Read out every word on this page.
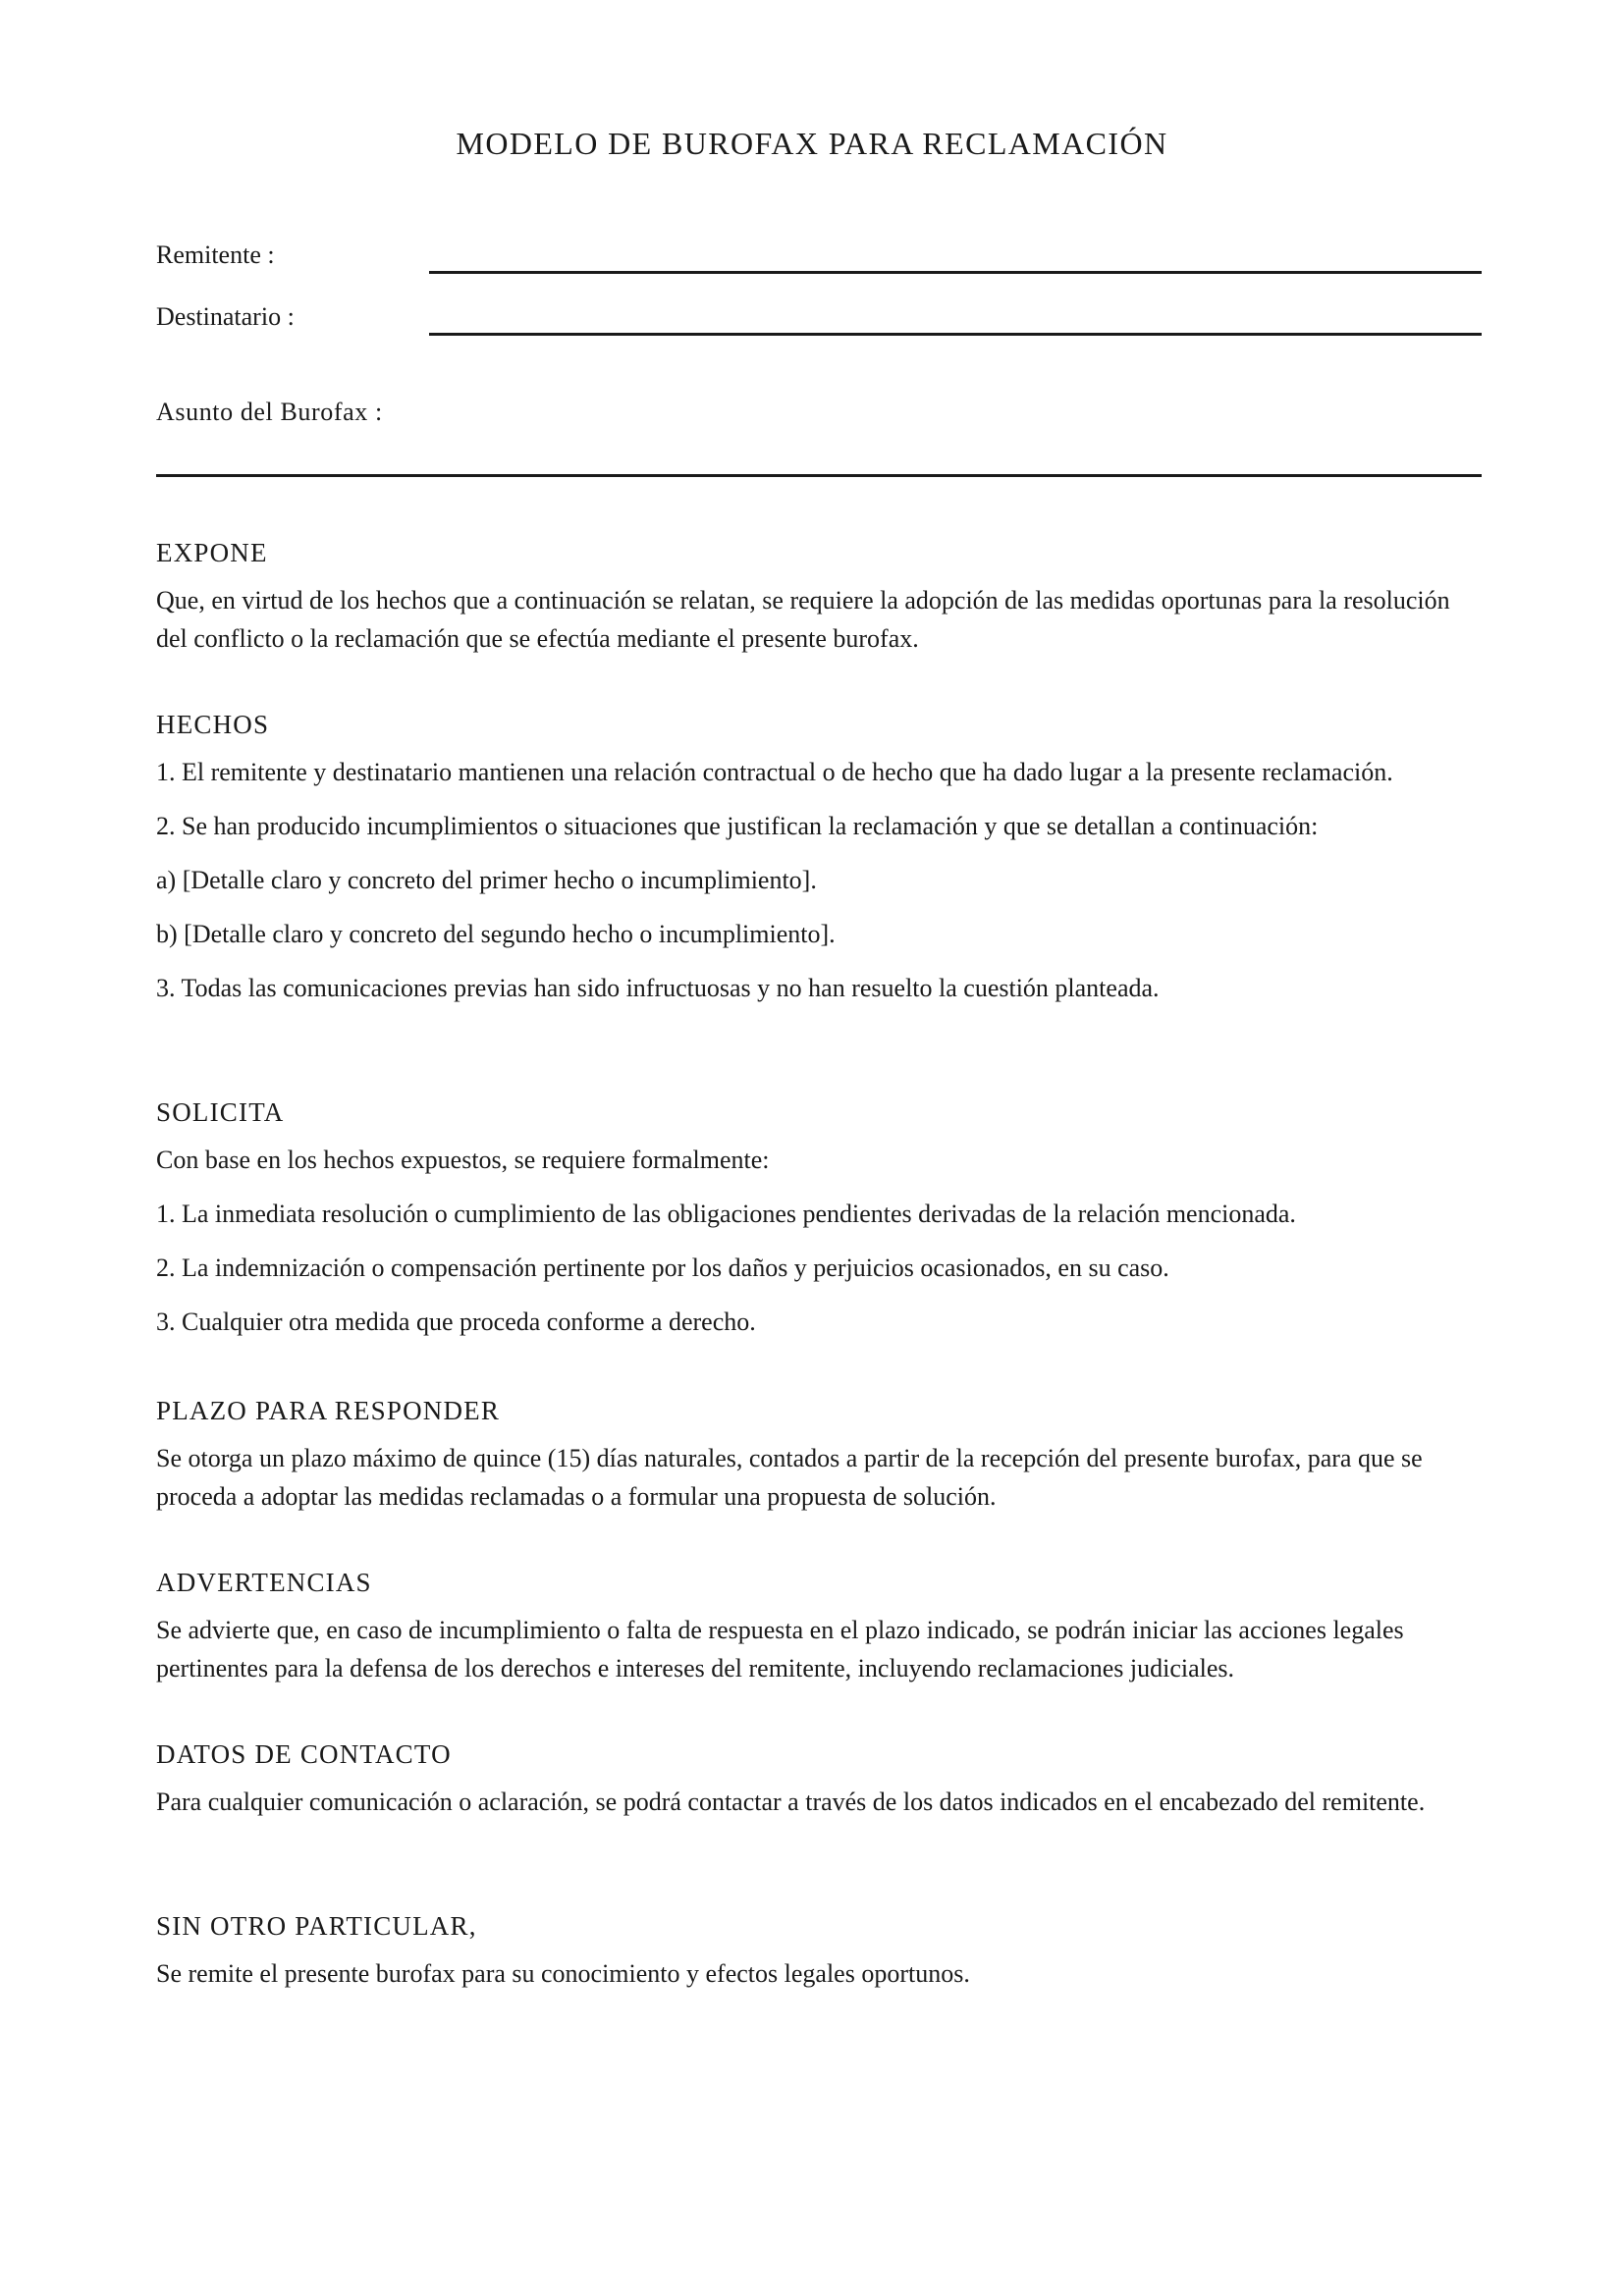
MODELO DE BUROFAX PARA RECLAMACIÓN
Remitente :
Destinatario :
Asunto del Burofax :
EXPONE

Que, en virtud de los hechos que a continuación se relatan, se requiere la adopción de las medidas oportunas para la resolución del conflicto o la reclamación que se efectúa mediante el presente burofax.

HECHOS

1. El remitente y destinatario mantienen una relación contractual o de hecho que ha dado lugar a la presente reclamación.

2. Se han producido incumplimientos o situaciones que justifican la reclamación y que se detallan a continuación:

a) [Detalle claro y concreto del primer hecho o incumplimiento].

b) [Detalle claro y concreto del segundo hecho o incumplimiento].

3. Todas las comunicaciones previas han sido infructuosas y no han resuelto la cuestión planteada.

SOLICITA

Con base en los hechos expuestos, se requiere formalmente:

1. La inmediata resolución o cumplimiento de las obligaciones pendientes derivadas de la relación mencionada.

2. La indemnización o compensación pertinente por los daños y perjuicios ocasionados, en su caso.

3. Cualquier otra medida que proceda conforme a derecho.

PLAZO PARA RESPONDER

Se otorga un plazo máximo de quince (15) días naturales, contados a partir de la recepción del presente burofax, para que se proceda a adoptar las medidas reclamadas o a formular una propuesta de solución.

ADVERTENCIAS

Se advierte que, en caso de incumplimiento o falta de respuesta en el plazo indicado, se podrán iniciar las acciones legales pertinentes para la defensa de los derechos e intereses del remitente, incluyendo reclamaciones judiciales.

DATOS DE CONTACTO

Para cualquier comunicación o aclaración, se podrá contactar a través de los datos indicados en el encabezado del remitente.

SIN OTRO PARTICULAR,

Se remite el presente burofax para su conocimiento y efectos legales oportunos.
